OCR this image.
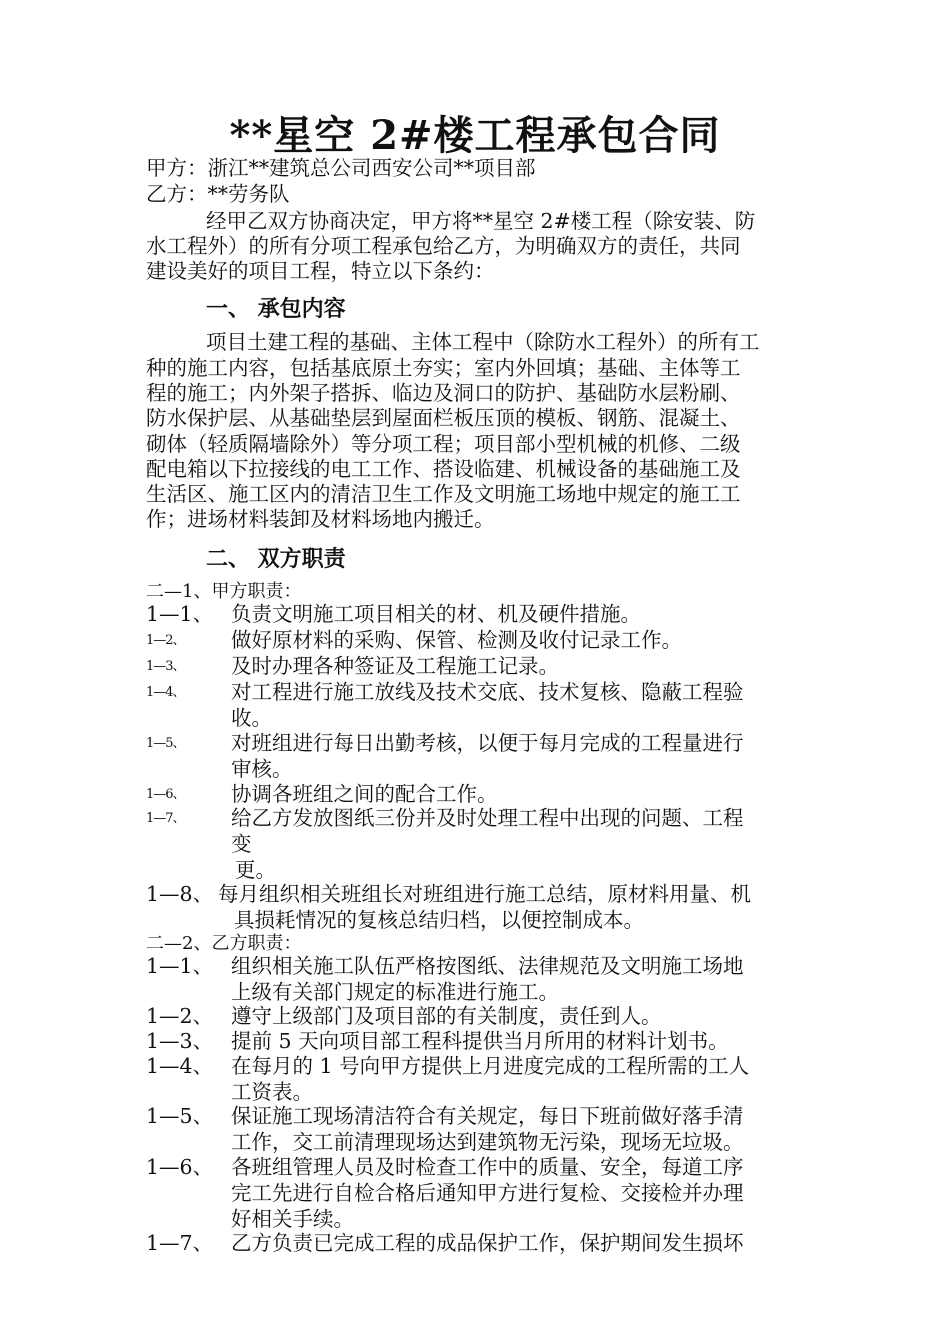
**星空 2#楼工程承包合同
甲方：浙江**建筑总公司西安公司**项目部
乙方：**劳务队
经甲乙双方协商决定，甲方将**星空 2#楼工程（除安装、防
水工程外）的所有分项工程承包给乙方，为明确双方的责任，共同
建设美好的项目工程，特立以下条约：
一、 承包内容
项目土建工程的基础、主体工程中（除防水工程外）的所有工
种的施工内容，包括基底原土夯实；室内外回填；基础、主体等工
程的施工；内外架子搭拆、临边及洞口的防护、基础防水层粉刷、
防水保护层、从基础垫层到屋面栏板压顶的模板、钢筋、混凝土、
砌体（轻质隔墙除外）等分项工程；项目部小型机械的机修、二级
配电箱以下拉接线的电工工作、搭设临建、机械设备的基础施工及
生活区、施工区内的清洁卫生工作及文明施工场地中规定的施工工
作；进场材料装卸及材料场地内搬迁。
二、 双方职责
二—1、甲方职责：
1—1、 负责文明施工项目相关的材、机及硬件措施。
1—2、 做好原材料的采购、保管、检测及收付记录工作。
1—3、 及时办理各种签证及工程施工记录。
1—4、 对工程进行施工放线及技术交底、技术复核、隐蔽工程验
收。
1—5、 对班组进行每日出勤考核，以便于每月完成的工程量进行
审核。
1—6、 协调各班组之间的配合工作。
1—7、 给乙方发放图纸三份并及时处理工程中出现的问题、工程
变
更。
1—8、 每月组织相关班组长对班组进行施工总结，原材料用量、机
具损耗情况的复核总结归档，以便控制成本。
二—2、乙方职责：
1—1、 组织相关施工队伍严格按图纸、法律规范及文明施工场地
上级有关部门规定的标准进行施工。
1—2、 遵守上级部门及项目部的有关制度，责任到人。
1—3、 提前 5 天向项目部工程科提供当月所用的材料计划书。
1—4、 在每月的 1 号向甲方提供上月进度完成的工程所需的工人
工资表。
1—5、 保证施工现场清洁符合有关规定，每日下班前做好落手清
工作，交工前清理现场达到建筑物无污染，现场无垃圾。
1—6、 各班组管理人员及时检查工作中的质量、安全，每道工序
完工先进行自检合格后通知甲方进行复检、交接检并办理
好相关手续。
1—7、 乙方负责已完成工程的成品保护工作，保护期间发生损坏
